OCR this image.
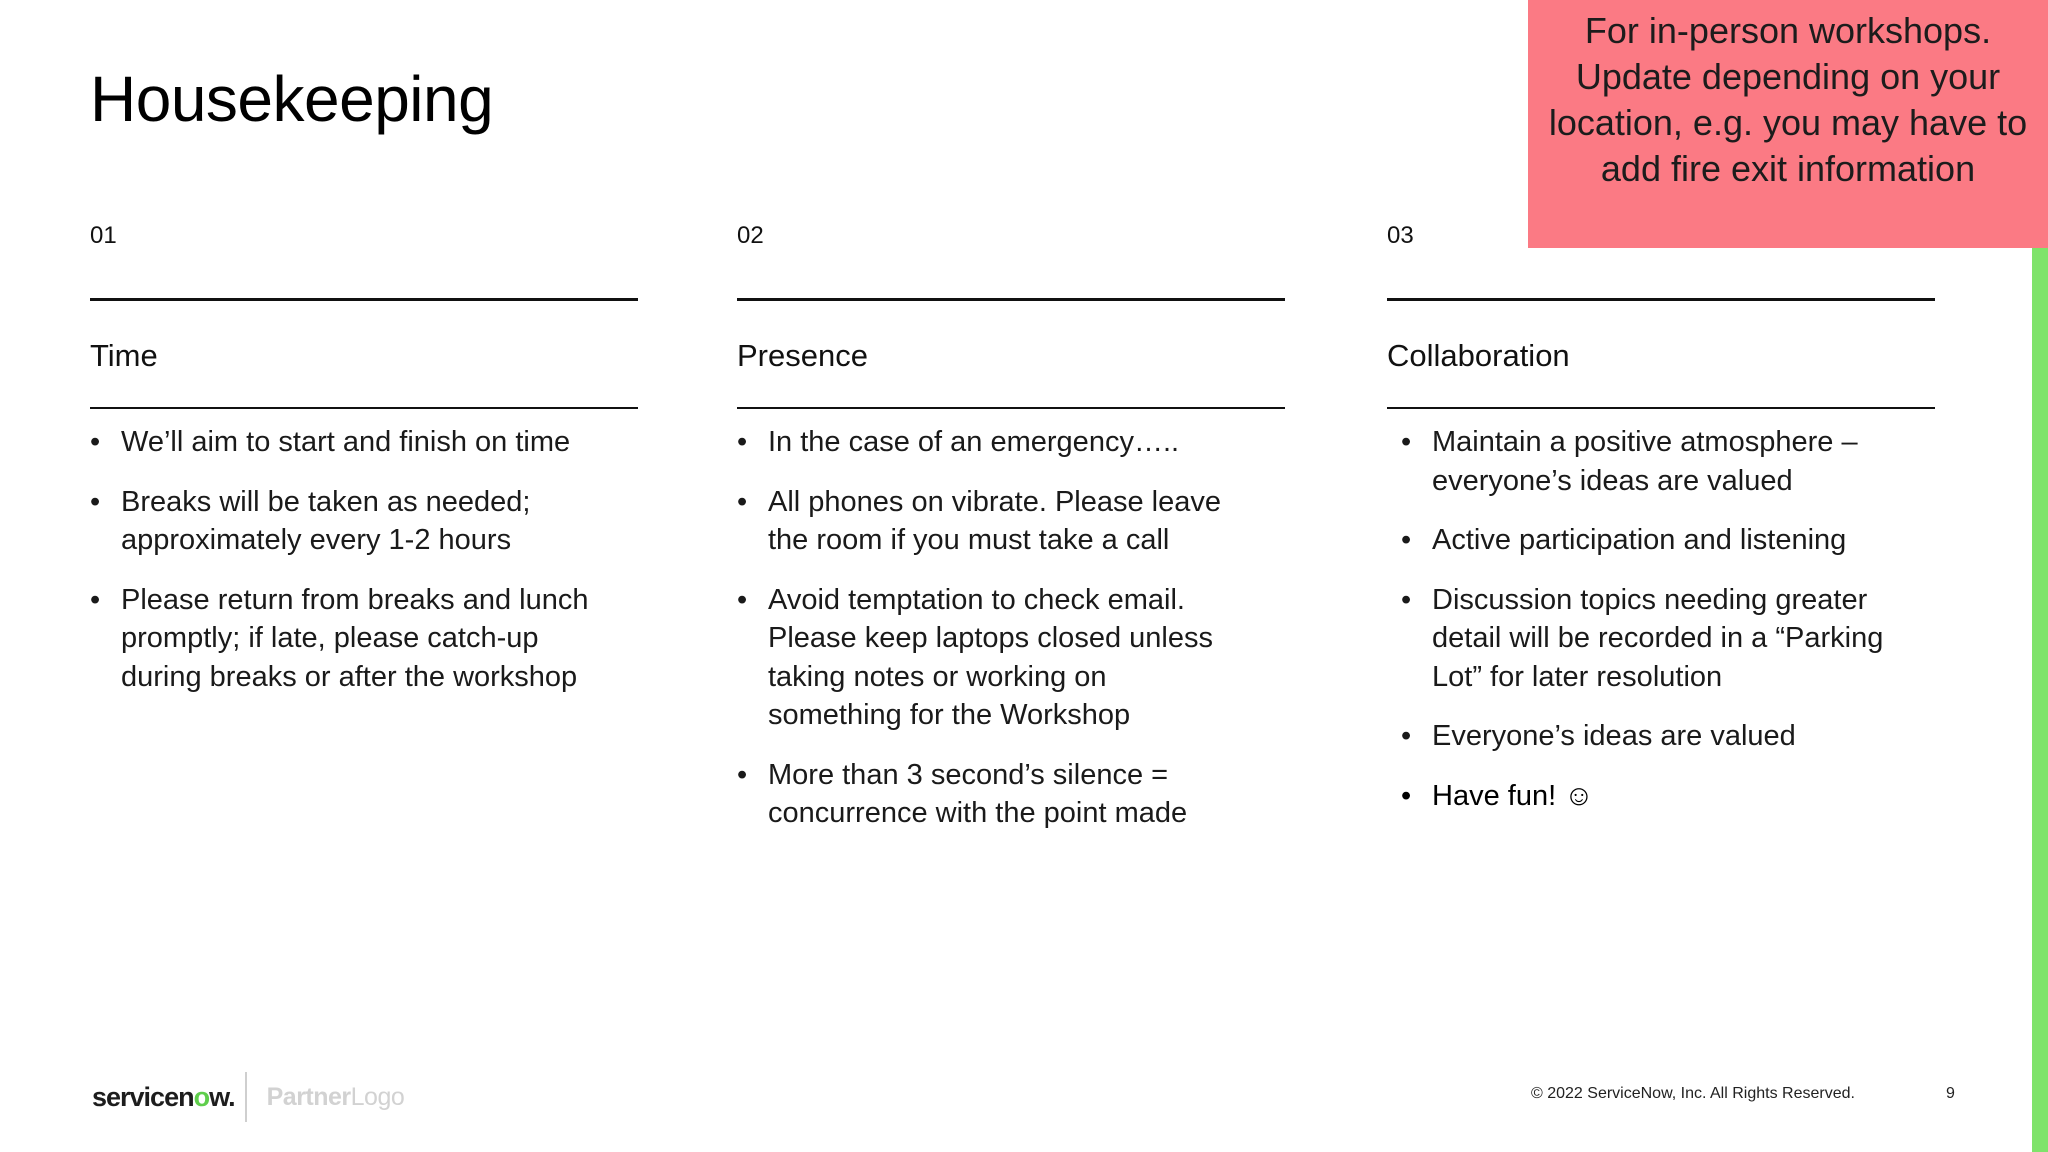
Housekeeping
For in-person workshops. Update depending on your location, e.g. you may have to add fire exit information
01
Time
• We’ll aim to start and finish on time
• Breaks will be taken as needed; approximately every 1-2 hours
• Please return from breaks and lunch promptly; if late, please catch-up during breaks or after the workshop
02
Presence
• In the case of an emergency…..
• All phones on vibrate. Please leave the room if you must take a call
• Avoid temptation to check email. Please keep laptops closed unless taking notes or working on something for the Workshop
• More than 3 second’s silence = concurrence with the point made
03
Collaboration
• Maintain a positive atmosphere – everyone’s ideas are valued
• Active participation and listening
• Discussion topics needing greater detail will be recorded in a “Parking Lot” for later resolution
• Everyone’s ideas are valued
• Have fun! ☺
servicenow. PartnerLogo	© 2022 ServiceNow, Inc. All Rights Reserved.	9
